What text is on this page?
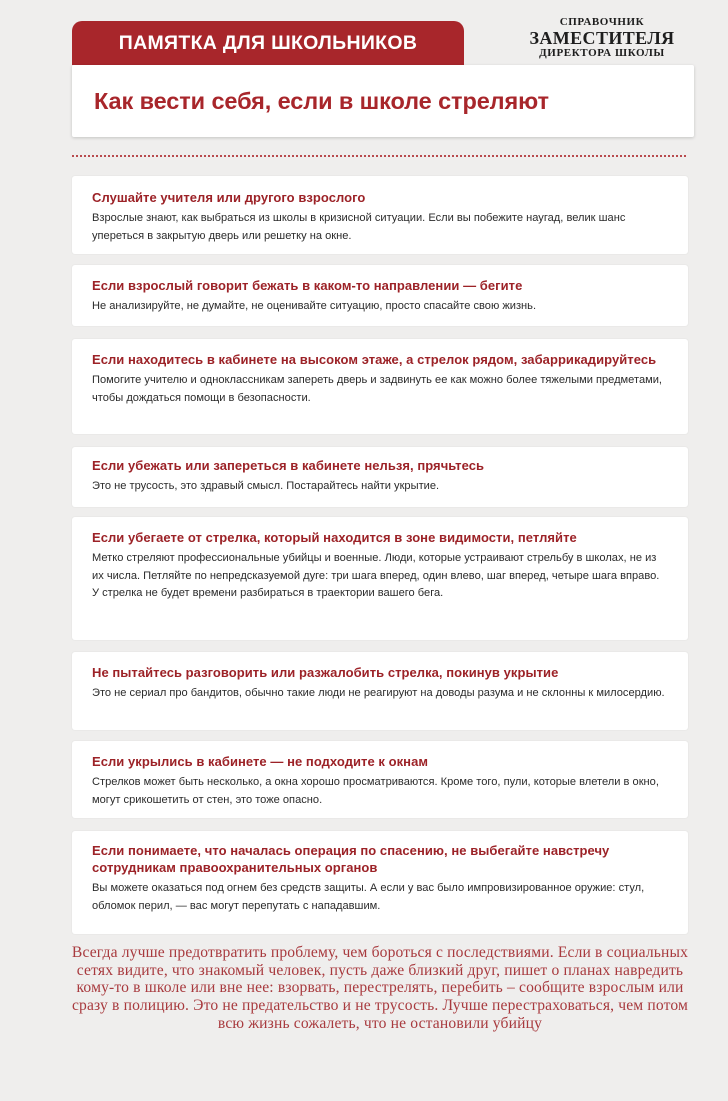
ПАМЯТКА ДЛЯ ШКОЛЬНИКОВ
СПРАВОЧНИК
ЗАМЕСТИТЕЛЯ
ДИРЕКТОРА ШКОЛЫ
Как вести себя, если в школе стреляют
Слушайте учителя или другого взрослого

Взрослые знают, как выбраться из школы в кризисной ситуации. Если вы побежите наугад, велик шанс упереться в закрытую дверь или решетку на окне.

Если взрослый говорит бежать в каком-то направлении — бегите

Не анализируйте, не думайте, не оценивайте ситуацию, просто спасайте свою жизнь.

Если находитесь в кабинете на высоком этаже, а стрелок рядом, забаррикадируйтесь

Помогите учителю и одноклассникам запереть дверь и задвинуть ее как можно более тяжелыми предметами, чтобы дождаться помощи в безопасности.

Если убежать или запереться в кабинете нельзя, прячьтесь

Это не трусость, это здравый смысл. Постарайтесь найти укрытие.

Если убегаете от стрелка, который находится в зоне видимости, петляйте

Метко стреляют профессиональные убийцы и военные. Люди, которые устраивают стрельбу в школах, не из их числа. Петляйте по непредсказуемой дуге: три шага вперед, один влево, шаг вперед, четыре шага вправо. У стрелка не будет времени разбираться в траектории вашего бега.

Не пытайтесь разговорить или разжалобить стрелка, покинув укрытие

Это не сериал про бандитов, обычно такие люди не реагируют на доводы разума и не склонны к милосердию.

Если укрылись в кабинете — не подходите к окнам

Стрелков может быть несколько, а окна хорошо просматриваются. Кроме того, пули, которые влетели в окно, могут срикошетить от стен, это тоже опасно.

Если понимаете, что началась операция по спасению, не выбегайте навстречу сотрудникам правоохранительных органов

Вы можете оказаться под огнем без средств защиты. А если у вас было импровизированное оружие: стул, обломок перил, — вас могут перепутать с нападавшим.

Всегда лучше предотвратить проблему, чем бороться с последствиями. Если в социальных сетях видите, что знакомый человек, пусть даже близкий друг, пишет о планах навредить кому-то в школе или вне нее: взорвать, перестрелять, перебить – сообщите взрослым или сразу в полицию. Это не предательство и не трусость. Лучше перестраховаться, чем потом всю жизнь сожалеть, что не остановили убийцу
